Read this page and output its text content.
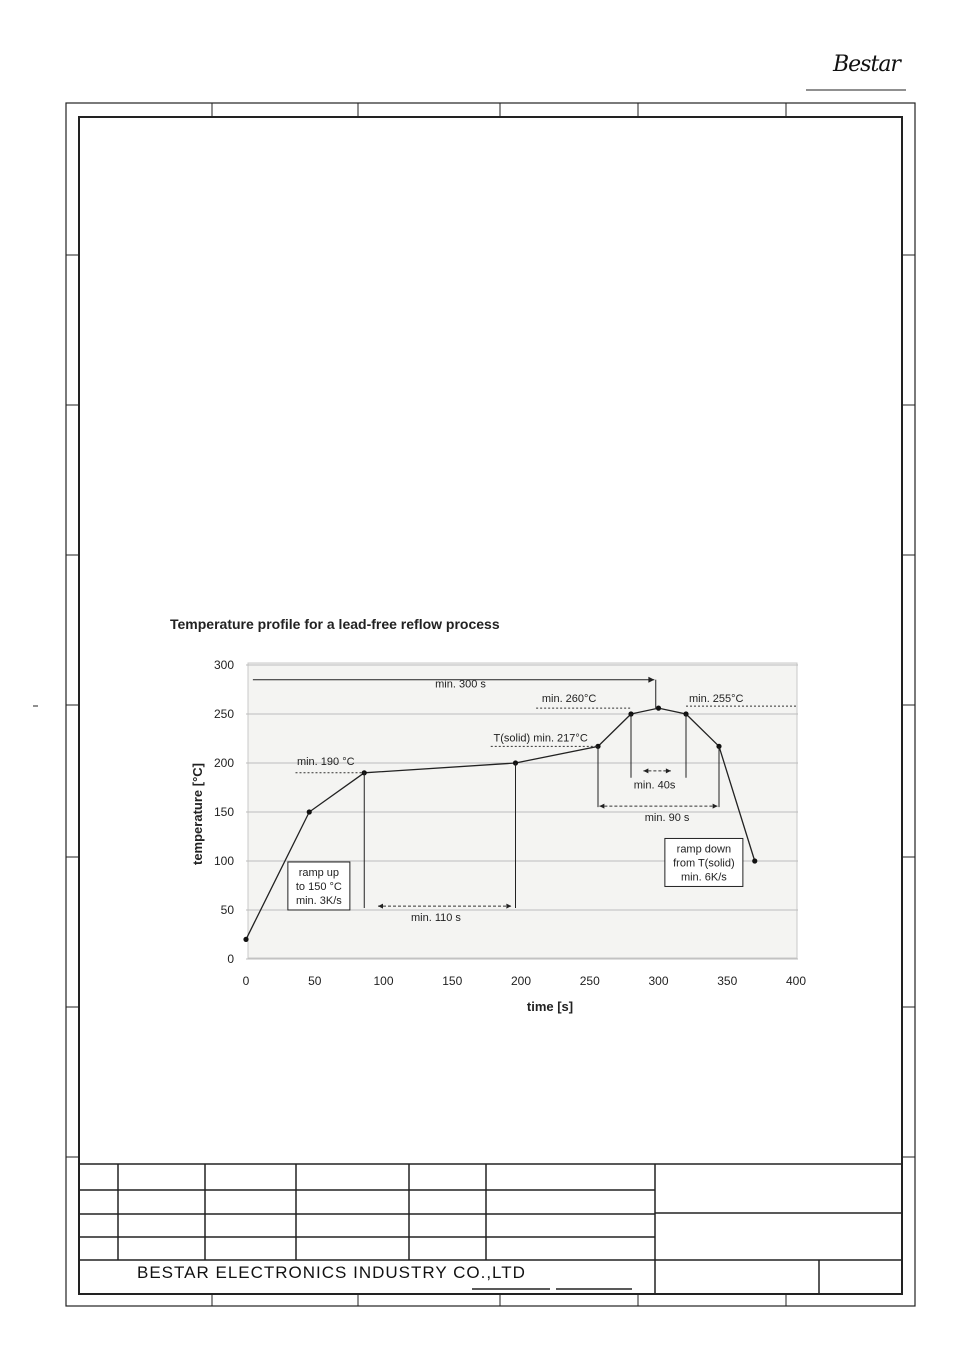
Bestar
BESTAR ELECTRONICS INDUSTRY CO.,LTD
Temperature profile for a lead-free reflow process
0
50
100
150
200
250
300
0	50	100	150	200	250	300	350	400
min. 300 s
min. 260°C	min. 255°C
T(solid) min. 217°C
min. 190 °C
min. 40s
min. 90 s
min. 110 s
ramp up
to 150 °C
min. 3K/s
ramp down
from T(solid)
min. 6K/s
time [s]
temperature [°C]
